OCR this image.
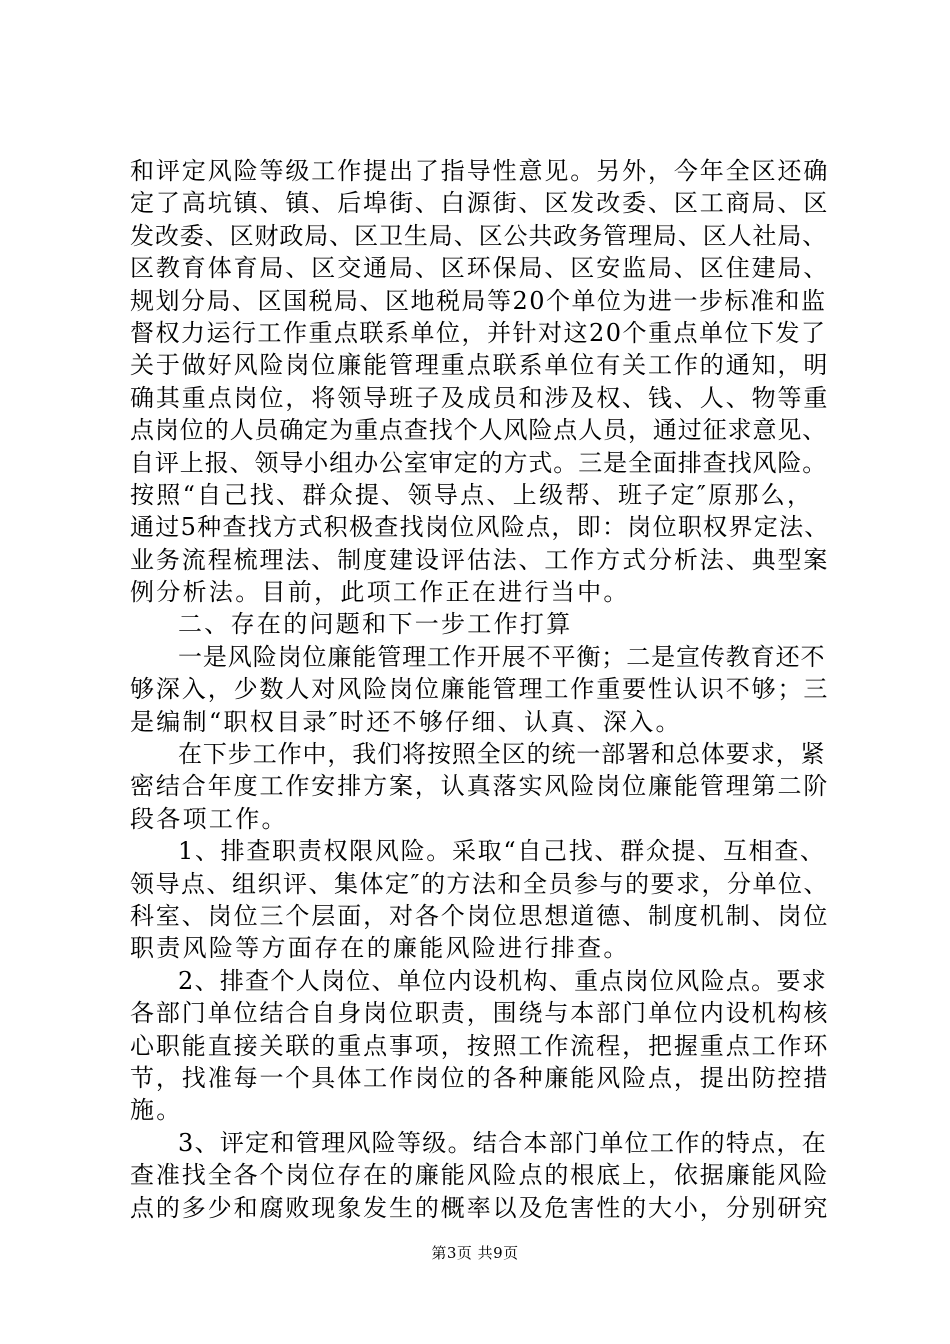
和评定风险等级工作提出了指导性意见。另外，今年全区还确
定了高坑镇、镇、后埠街、白源街、区发改委、区工商局、区
发改委、区财政局、区卫生局、区公共政务管理局、区人社局、
区教育体育局、区交通局、区环保局、区安监局、区住建局、
规划分局、区国税局、区地税局等20个单位为进一步标准和监
督权力运行工作重点联系单位，并针对这20个重点单位下发了
关于做好风险岗位廉能管理重点联系单位有关工作的通知，明
确其重点岗位，将领导班子及成员和涉及权、钱、人、物等重
点岗位的人员确定为重点查找个人风险点人员，通过征求意见、
自评上报、领导小组办公室审定的方式。三是全面排查找风险。
按照“自己找、群众提、领导点、上级帮、班子定″原那么，
通过5种查找方式积极查找岗位风险点，即：岗位职权界定法、
业务流程梳理法、制度建设评估法、工作方式分析法、典型案
例分析法。目前，此项工作正在进行当中。
二、存在的问题和下一步工作打算
一是风险岗位廉能管理工作开展不平衡；二是宣传教育还不
够深入，少数人对风险岗位廉能管理工作重要性认识不够；三
是编制“职权目录″时还不够仔细、认真、深入。
在下步工作中，我们将按照全区的统一部署和总体要求，紧
密结合年度工作安排方案，认真落实风险岗位廉能管理第二阶
段各项工作。
1、排查职责权限风险。采取“自己找、群众提、互相查、
领导点、组织评、集体定″的方法和全员参与的要求，分单位、
科室、岗位三个层面，对各个岗位思想道德、制度机制、岗位
职责风险等方面存在的廉能风险进行排查。
2、排查个人岗位、单位内设机构、重点岗位风险点。要求
各部门单位结合自身岗位职责，围绕与本部门单位内设机构核
心职能直接关联的重点事项，按照工作流程，把握重点工作环
节，找准每一个具体工作岗位的各种廉能风险点，提出防控措
施。
3、评定和管理风险等级。结合本部门单位工作的特点，在
查准找全各个岗位存在的廉能风险点的根底上，依据廉能风险
点的多少和腐败现象发生的概率以及危害性的大小，分别研究
第3页 共9页
